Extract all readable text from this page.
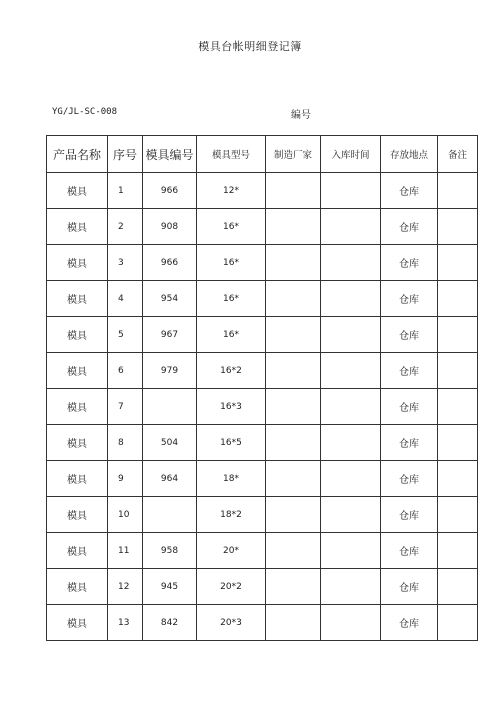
模具台帐明细登记簿
YG/JL-SC-008	编号
产品名称	序号	模具编号	模具型号	制造厂家	入库时间	存放地点	备注
模具	1	966	12*			仓库	
模具	2	908	16*			仓库	
模具	3	966	16*			仓库	
模具	4	954	16*			仓库	
模具	5	967	16*			仓库	
模具	6	979	16*2			仓库	
模具	7		16*3			仓库	
模具	8	504	16*5			仓库	
模具	9	964	18*			仓库	
模具	10		18*2			仓库	
模具	11	958	20*			仓库	
模具	12	945	20*2			仓库	
模具	13	842	20*3			仓库	
